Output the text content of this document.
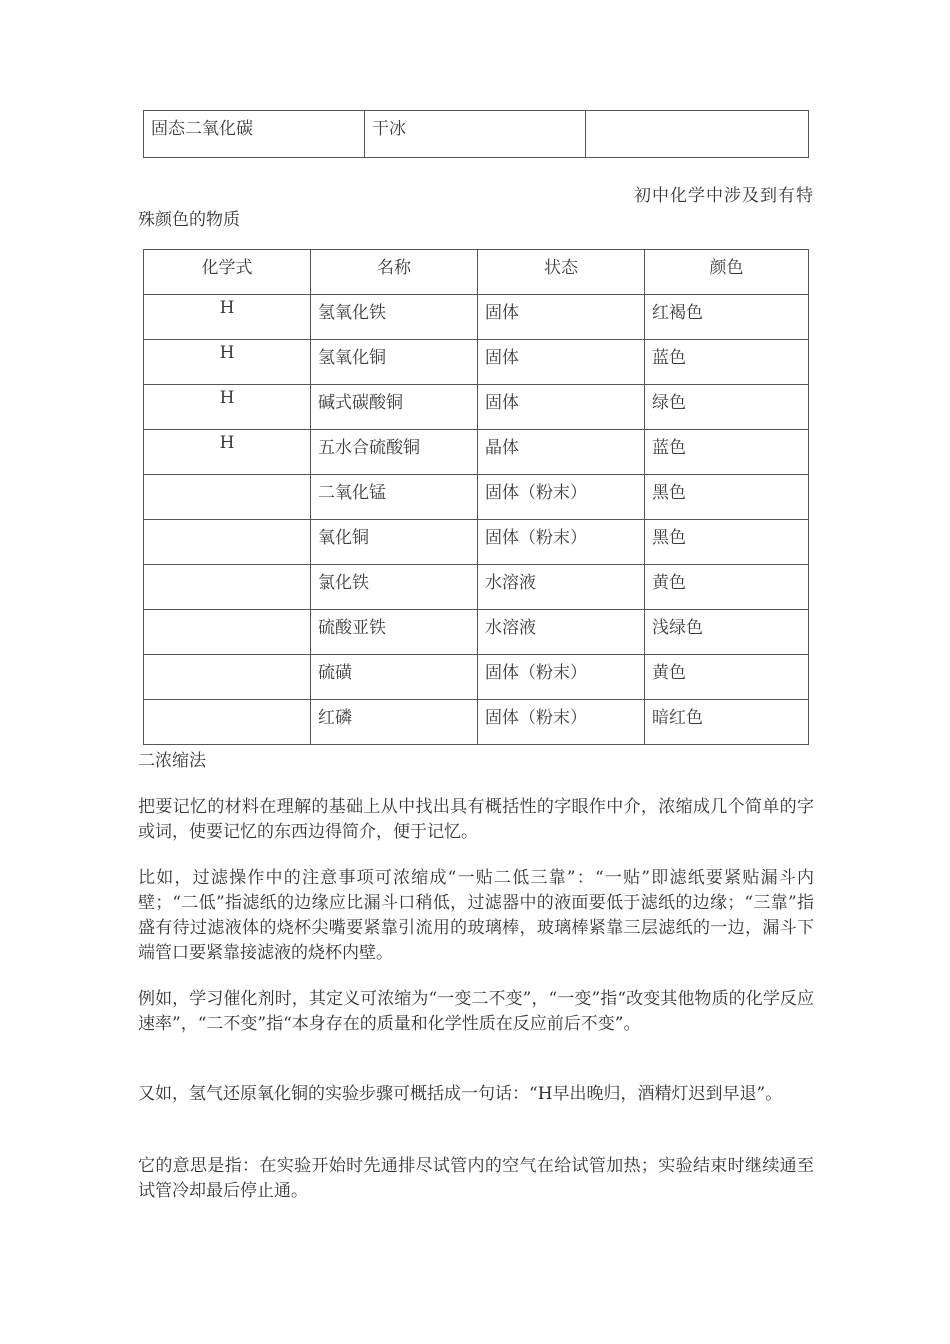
固态二氧化碳	干冰	
初中化学中涉及到有特
殊颜色的物质
化学式	名称	状态	颜色
H	氢氧化铁	固体	红褐色
H	氢氧化铜	固体	蓝色
H	碱式碳酸铜	固体	绿色
H	五水合硫酸铜	晶体	蓝色
	二氧化锰	固体（粉末）	黑色
	氧化铜	固体（粉末）	黑色
	氯化铁	水溶液	黄色
	硫酸亚铁	水溶液	浅绿色
	硫磺	固体（粉末）	黄色
	红磷	固体（粉末）	暗红色
二浓缩法
把要记忆的材料在理解的基础上从中找出具有概括性的字眼作中介，浓缩成几个简单的字或词，使要记忆的东西边得简介，便于记忆。
比如，过滤操作中的注意事项可浓缩成“一贴二低三靠”：“一贴”即滤纸要紧贴漏斗内壁；“二低”指滤纸的边缘应比漏斗口稍低，过滤器中的液面要低于滤纸的边缘；“三靠”指盛有待过滤液体的烧杯尖嘴要紧靠引流用的玻璃棒，玻璃棒紧靠三层滤纸的一边，漏斗下端管口要紧靠接滤液的烧杯内壁。
例如，学习催化剂时，其定义可浓缩为“一变二不变”，“一变”指“改变其他物质的化学反应速率”，“二不变”指“本身存在的质量和化学性质在反应前后不变”。
又如，氢气还原氧化铜的实验步骤可概括成一句话：“H早出晚归，酒精灯迟到早退”。
它的意思是指：在实验开始时先通排尽试管内的空气在给试管加热；实验结束时继续通至试管冷却最后停止通。
